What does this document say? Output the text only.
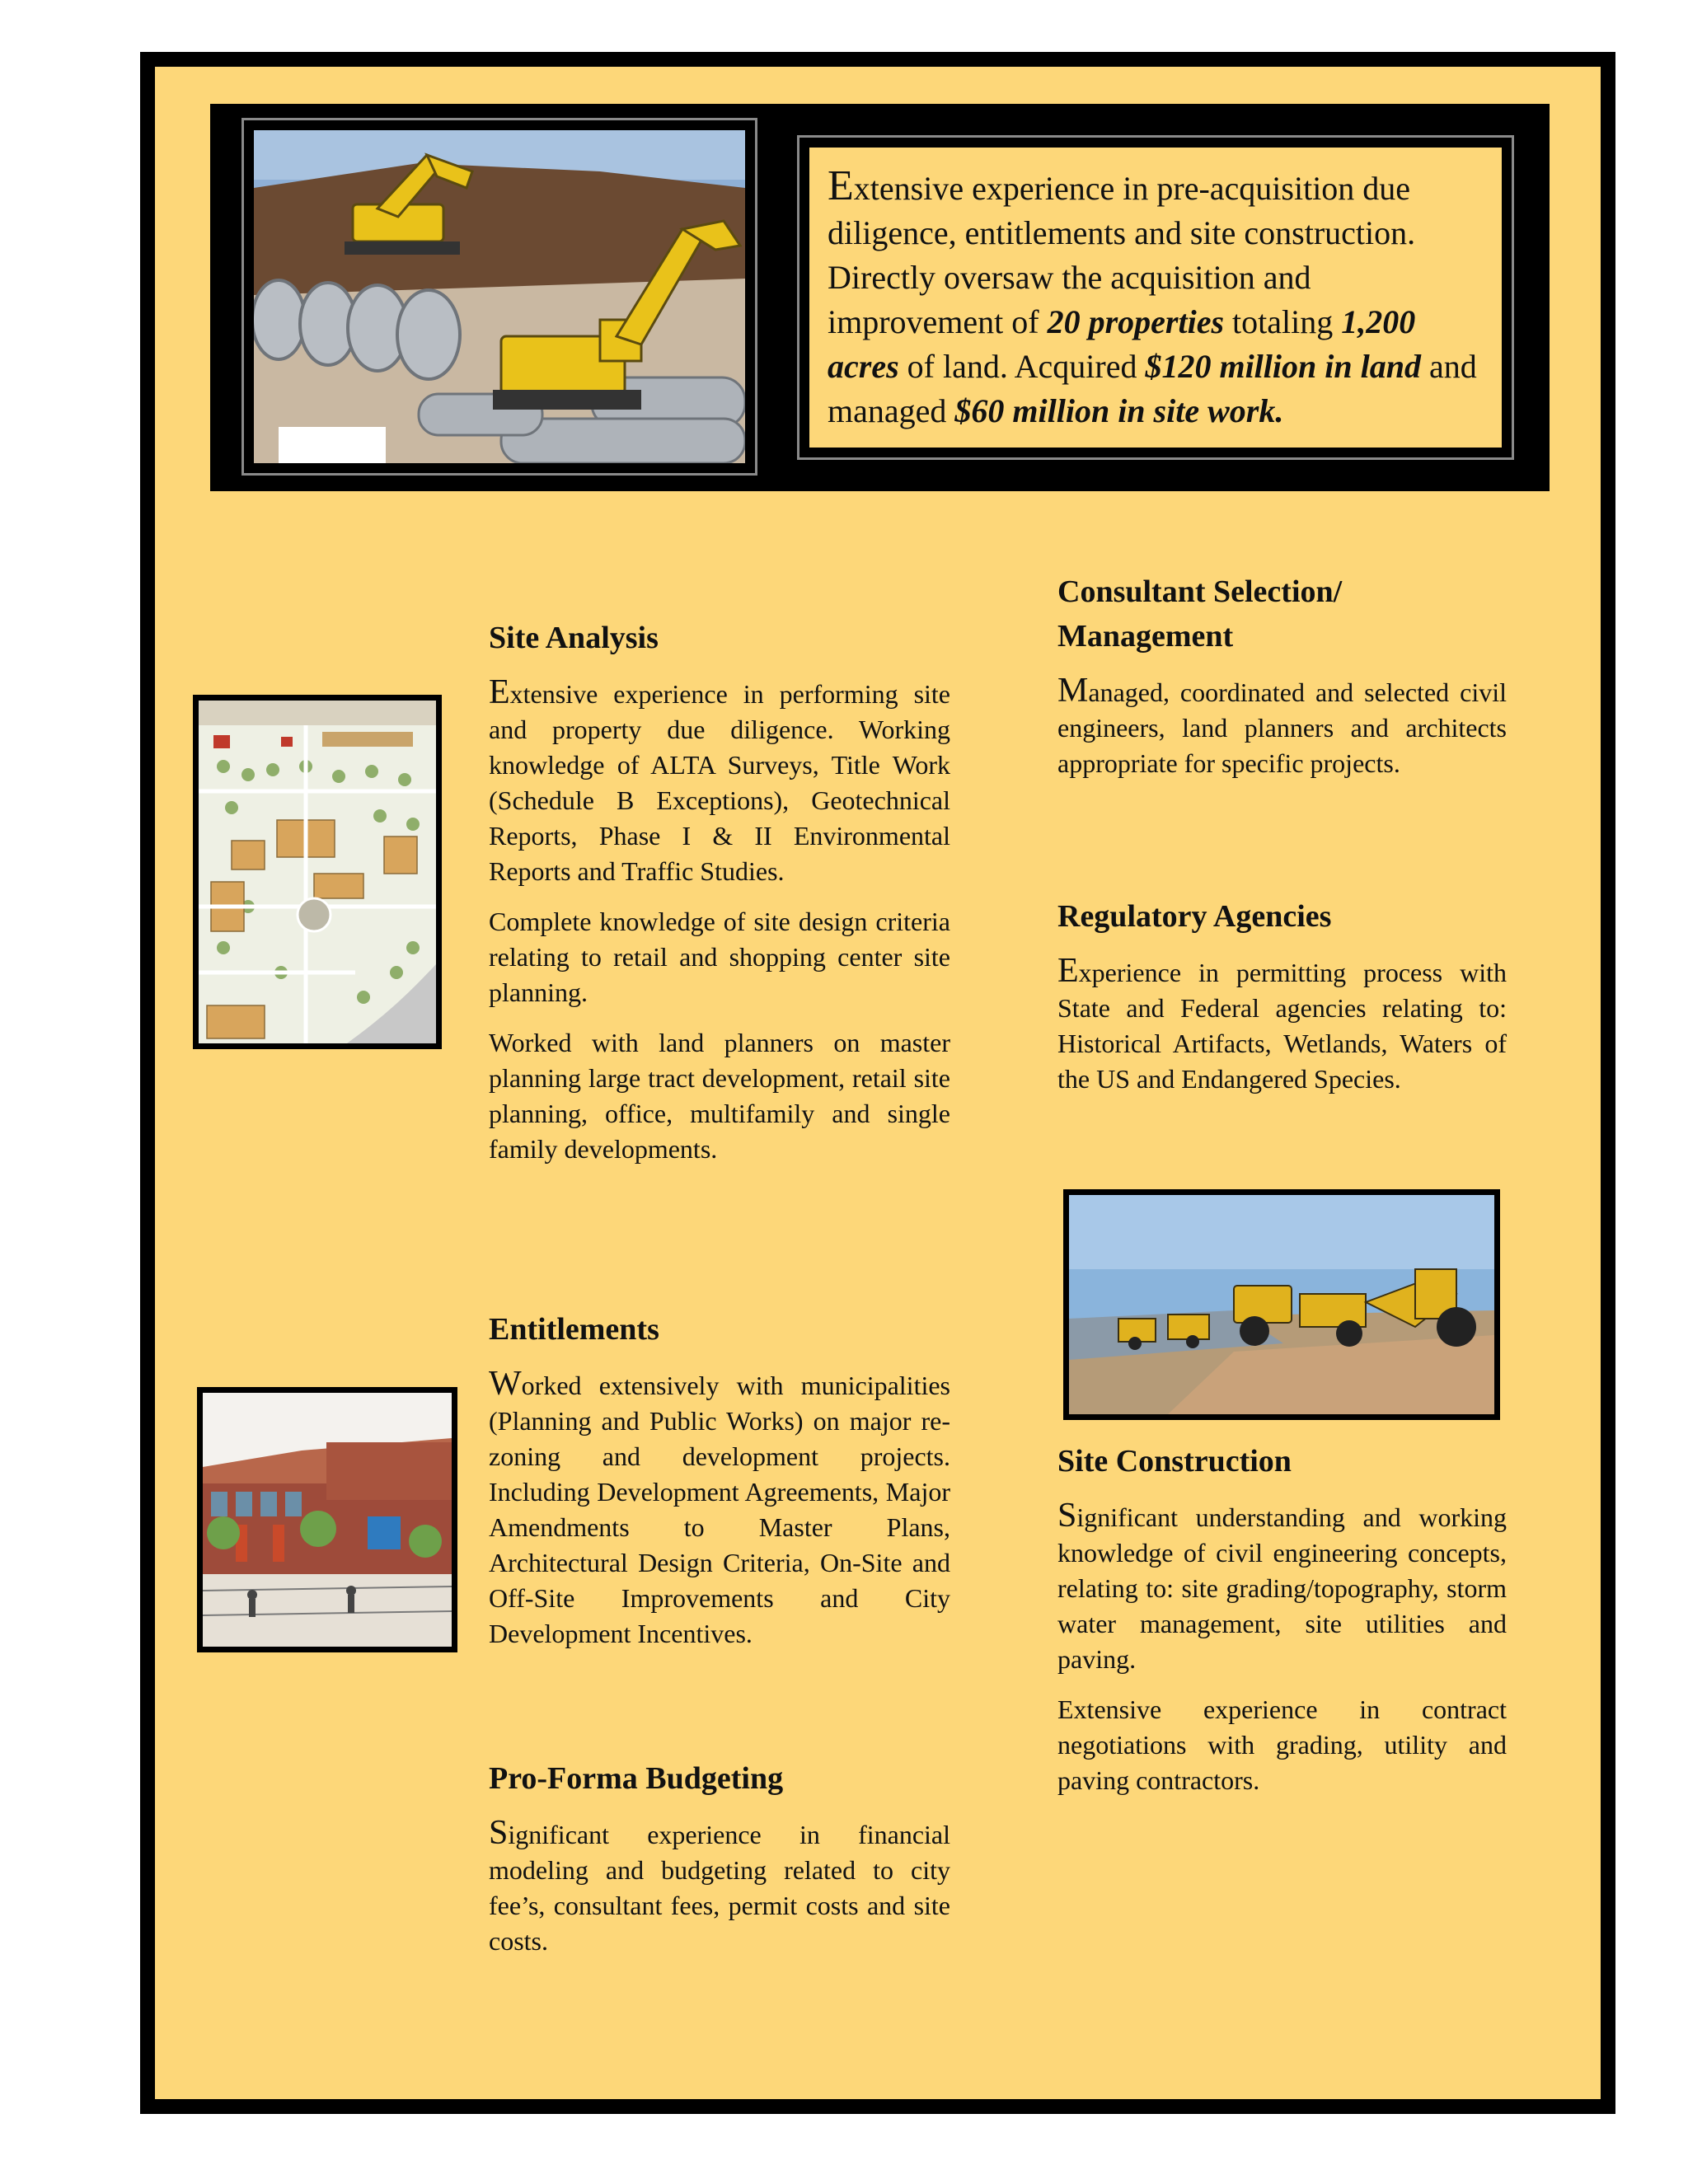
Extensive experience in pre-acquisition due diligence, entitlements and site construction. Directly oversaw the acquisition and improvement of 20 properties totaling 1,200 acres of land. Acquired $120 million in land and managed $60 million in site work.
Site Analysis

Extensive experience in performing site and property due diligence. Working knowledge of ALTA Surveys, Title Work (Schedule B Exceptions), Geotechnical Reports, Phase I & II Environmental Reports and Traffic Studies.

Complete knowledge of site design criteria relating to retail and shopping center site planning.

Worked with land planners on master planning large tract development, retail site planning, office, multifamily and single family developments.

Entitlements

Worked extensively with municipalities (Planning and Public Works) on major re-zoning and development projects. Including Development Agreements, Major Amendments to Master Plans, Architectural Design Criteria, On-Site and Off-Site Improvements and City Development Incentives.

Pro-Forma Budgeting

Significant experience in financial modeling and budgeting related to city fee’s, consultant fees, permit costs and site costs.

Consultant Selection/ Management

Managed, coordinated and selected civil engineers, land planners and architects appropriate for specific projects.

Regulatory Agencies

Experience in permitting process with State and Federal agencies relating to: Historical Artifacts, Wetlands, Waters of the US and Endangered Species.

Site Construction

Significant understanding and working knowledge of civil engineering concepts, relating to: site grading/topography, storm water management, site utilities and paving.

Extensive experience in contract negotiations with grading, utility and paving contractors.
